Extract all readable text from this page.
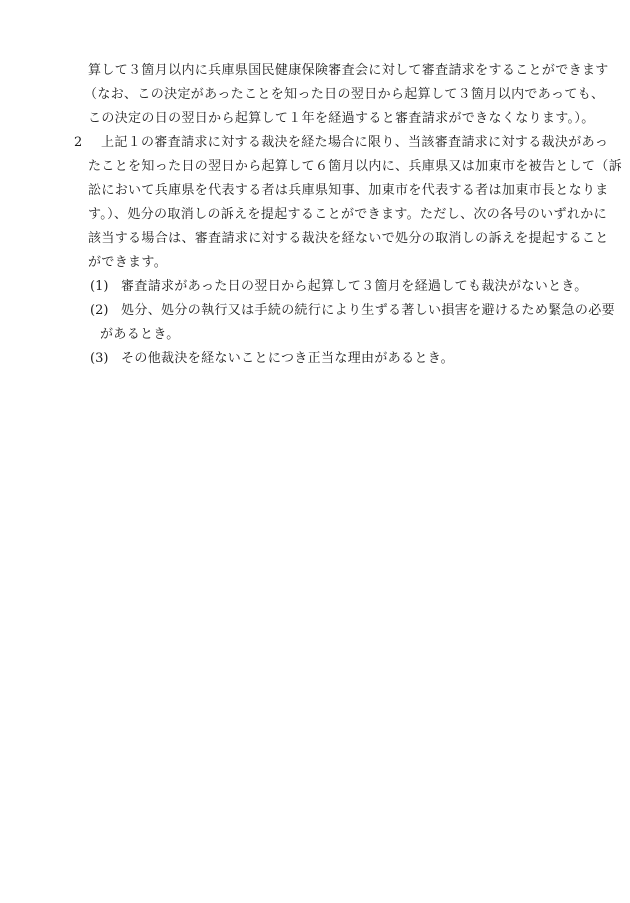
算して３箇月以内に兵庫県国民健康保険審査会に対して審査請求をすることができます
（なお、この決定があったことを知った日の翌日から起算して３箇月以内であっても、
この決定の日の翌日から起算して１年を経過すると審査請求ができなくなります。）。
2 上記１の審査請求に対する裁決を経た場合に限り、当該審査請求に対する裁決があっ
たことを知った日の翌日から起算して６箇月以内に、兵庫県又は加東市を被告として（訴
訟において兵庫県を代表する者は兵庫県知事、加東市を代表する者は加東市長となりま
す。）、処分の取消しの訴えを提起することができます。ただし、次の各号のいずれかに
該当する場合は、審査請求に対する裁決を経ないで処分の取消しの訴えを提起すること
ができます。
(1) 審査請求があった日の翌日から起算して３箇月を経過しても裁決がないとき。
(2) 処分、処分の執行又は手続の続行により生ずる著しい損害を避けるため緊急の必要
があるとき。
(3) その他裁決を経ないことにつき正当な理由があるとき。
